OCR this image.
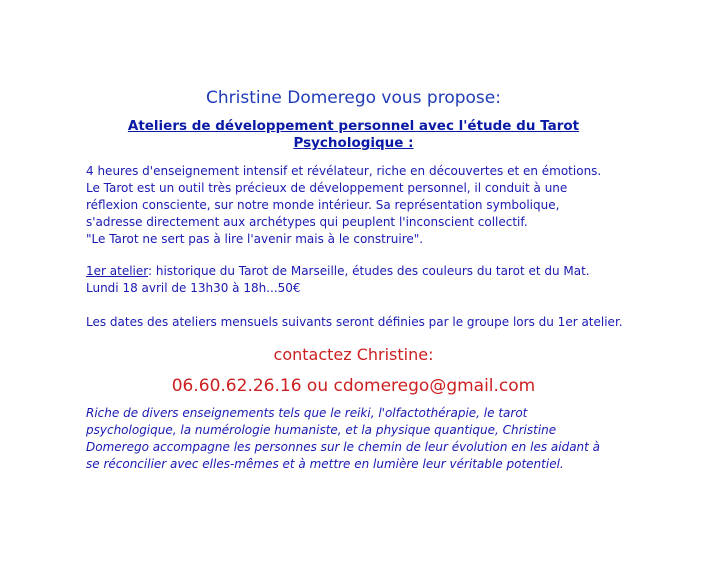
Christine Domerego vous propose:
Ateliers de développement personnel avec l'étude du Tarot
Psychologique :
4 heures d'enseignement intensif et révélateur, riche en découvertes et en émotions.
Le Tarot est un outil très précieux de développement personnel, il conduit à une
réflexion consciente, sur notre monde intérieur. Sa représentation symbolique,
s'adresse directement aux archétypes qui peuplent l'inconscient collectif.
"Le Tarot ne sert pas à lire l'avenir mais à le construire".
1er atelier: historique du Tarot de Marseille, études des couleurs du tarot et du Mat.
Lundi 18 avril de 13h30 à 18h...50€
Les dates des ateliers mensuels suivants seront définies par le groupe lors du 1er atelier.
contactez Christine:
06.60.62.26.16 ou cdomerego@gmail.com
Riche de divers enseignements tels que le reiki, l'olfactothérapie, le tarot
psychologique, la numérologie humaniste, et la physique quantique, Christine
Domerego accompagne les personnes sur le chemin de leur évolution en les aidant à
se réconcilier avec elles-mêmes et à mettre en lumière leur véritable potentiel.
